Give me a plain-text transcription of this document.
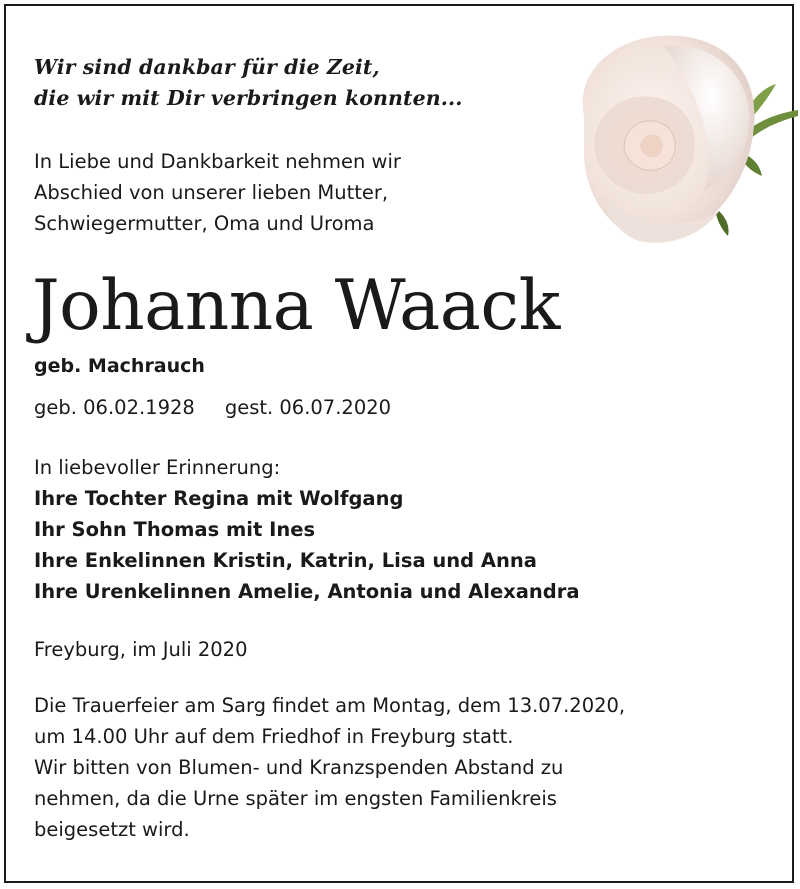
Wir sind dankbar für die Zeit,
die wir mit Dir verbringen konnten...
In Liebe und Dankbarkeit nehmen wir
Abschied von unserer lieben Mutter,
Schwiegermutter, Oma und Uroma
Johanna Waack
geb. Machrauch
geb. 06.02.1928 gest. 06.07.2020
In liebevoller Erinnerung:
Ihre Tochter Regina mit Wolfgang
Ihr Sohn Thomas mit Ines
Ihre Enkelinnen Kristin, Katrin, Lisa und Anna
Ihre Urenkelinnen Amelie, Antonia und Alexandra
Freyburg, im Juli 2020
Die Trauerfeier am Sarg findet am Montag, dem 13.07.2020,
um 14.00 Uhr auf dem Friedhof in Freyburg statt.
Wir bitten von Blumen- und Kranzspenden Abstand zu
nehmen, da die Urne später im engsten Familienkreis
beigesetzt wird.
